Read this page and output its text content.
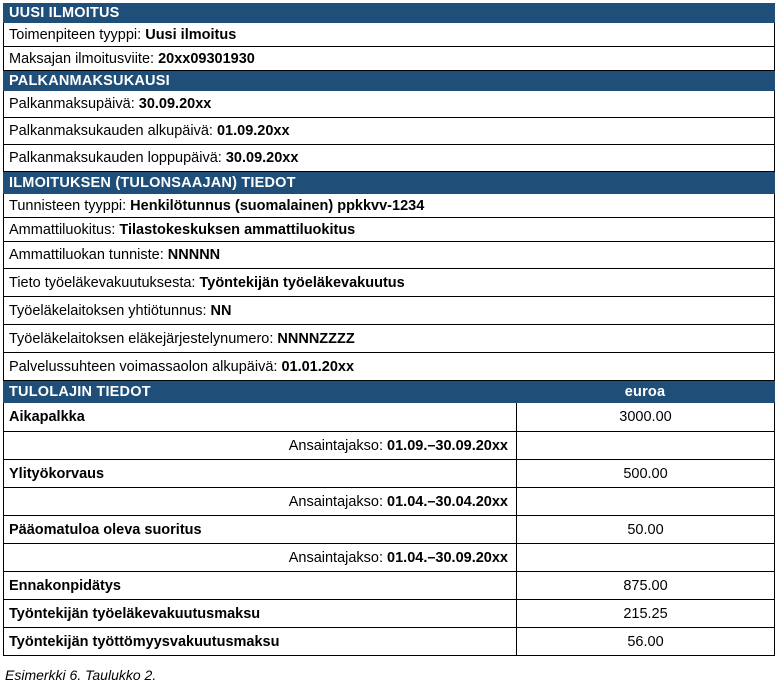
UUSI ILMOITUS
Toimenpiteen tyyppi: Uusi ilmoitus
Maksajan ilmoitusviite: 20xx09301930
PALKANMAKSUKAUSI
Palkanmaksupäivä: 30.09.20xx
Palkanmaksukauden alkupäivä: 01.09.20xx
Palkanmaksukauden loppupäivä: 30.09.20xx
ILMOITUKSEN (TULONSAAJAN) TIEDOT
Tunnisteen tyyppi: Henkilötunnus (suomalainen) ppkkvv-1234
Ammattiluokitus: Tilastokeskuksen ammattiluokitus
Ammattiluokan tunniste: NNNNN
Tieto työeläkevakuutuksesta: Työntekijän työeläkevakuutus
Työeläkelaitoksen yhtiötunnus: NN
Työeläkelaitoksen eläkejärjestelynumero: NNNNZZZZ
Palvelussuhteen voimassaolon alkupäivä: 01.01.20xx
TULOLAJIN TIEDOT	euroa
Aikapalkka	3000.00
Ansaintajakso: 01.09.–30.09.20xx
Ylityökorvaus	500.00
Ansaintajakso: 01.04.–30.04.20xx
Pääomatuloa oleva suoritus	50.00
Ansaintajakso: 01.04.–30.09.20xx
Ennakonpidätys	875.00
Työntekijän työeläkevakuutusmaksu	215.25
Työntekijän työttömyysvakuutusmaksu	56.00
Esimerkki 6. Taulukko 2.
